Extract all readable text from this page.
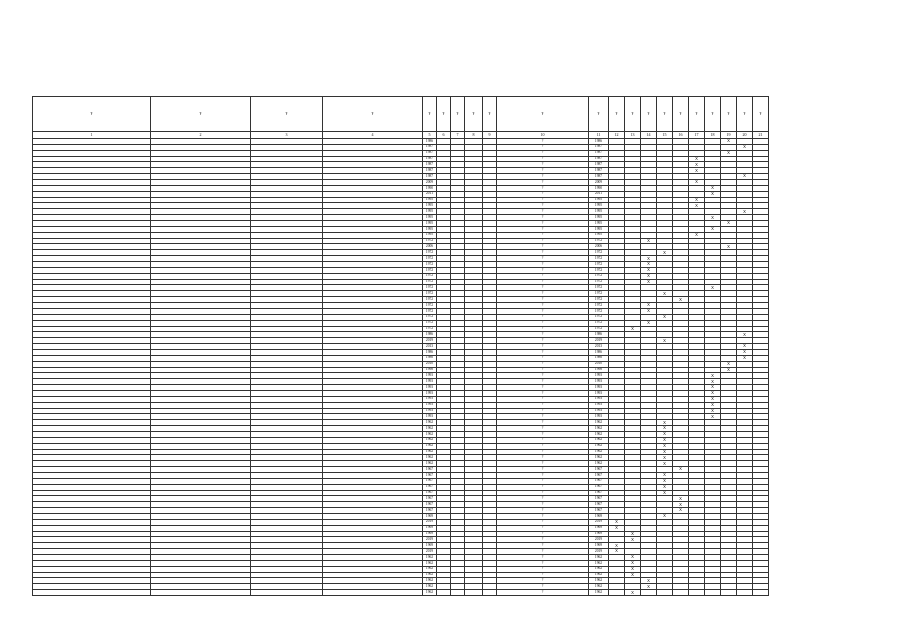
?	?	?	?	?	?	?	?	?	?	?	?	?	?	?	?	?	?	?	?	?
1	2	3	4	5	6	7	8	9	10	11	12	13	14	15	16	17	18	19	20	21
				1986					?	1986								X		
				1987					?	1987									X	
				1987					?	1987								X		
				1987					?	1987						X				
				1987					?	1987						X				
				1987					?	1987						X				
				1987					?	1987									X	
				2009					?	2009						X				
				1990					?	1990							X			
				2011					?	2011							X			
				1995					?	1995						X				
				1995					?	1995						X				
				1995					?	1995									X	
				1995					?	1995							X			
				1995					?	1995								X		
				1995					?	1995							X			
				1995					?	1995						X				
				1972					?	1972			X							
				2006					?	2006								X		
				1972					?	1972				X						
				1972					?	1972			X							
				1972					?	1972			X							
				1972					?	1972			X							
				1972					?	1972			X							
				1972					?	1972			X							
				1972					?	1972							X			
				1972					?	1972				X						
				1972					?	1972					X					
				1972					?	1972			X							
				1972					?	1972			X							
				1972					?	1972				X						
				1972					?	1972			X							
				1972					?	1972		X								
				1986					?	1986									X	
				2019					?	2019				X						
				2013					?	2013									X	
				1986					?	1986									X	
				1986					?	1986									X	
				2010					?	2010								X		
				1998					?	1998								X		
				1993					?	1993							X			
				1993					?	1993							X			
				1993					?	1993							X			
				1993					?	1993							X			
				1993					?	1993							X			
				1993					?	1993							X			
				1993					?	1993							X			
				1993					?	1993							X			
				1962					?	1962				X						
				1962					?	1962				X						
				1962					?	1962				X						
				1962					?	1962				X						
				1962					?	1962				X						
				1962					?	1962				X						
				1962					?	1962				X						
				1962					?	1962				X						
				1967					?	1967					X					
				1967					?	1967				X						
				1967					?	1967				X						
				1967					?	1967				X						
				1967					?	1967				X						
				1967					?	1967					X					
				1967					?	1967					X					
				1967					?	1967					X					
				1969					?	1969				X						
				2019					?	2019	X									
				1969					?	1969	X									
				1969					?	1969		X								
				2019					?	2019		X								
				1969					?	1969	X									
				2019					?	2019	X									
				1962					?	1962		X								
				1962					?	1962		X								
				1962					?	1962		X								
				1962					?	1962		X								
				1962					?	1962			X							
				1962					?	1962			X							
				1962					?	1962		X								
